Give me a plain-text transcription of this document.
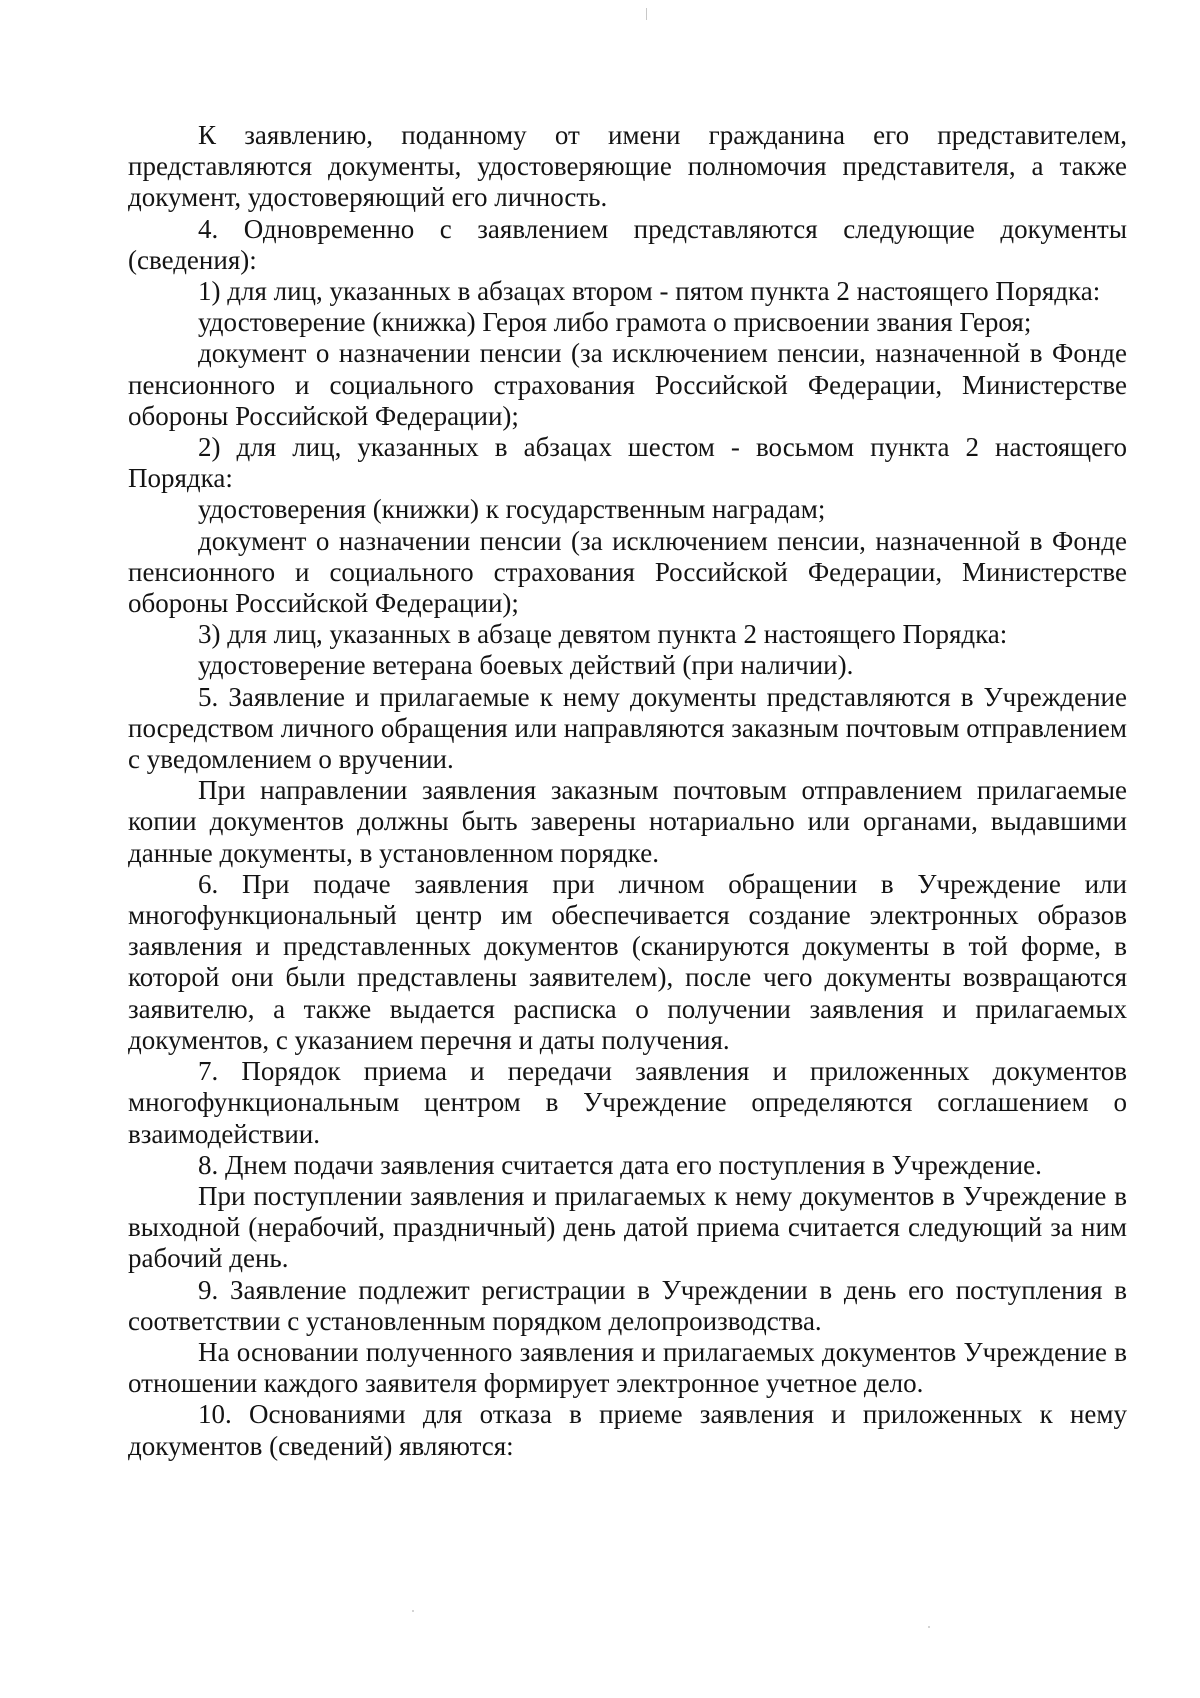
К заявлению, поданному от имени гражданина его представителем, представляются документы, удостоверяющие полномочия представителя, а также документ, удостоверяющий его личность.

4. Одновременно с заявлением представляются следующие документы (сведения):

1) для лиц, указанных в абзацах втором - пятом пункта 2 настоящего Порядка:

удостоверение (книжка) Героя либо грамота о присвоении звания Героя;

документ о назначении пенсии (за исключением пенсии, назначенной в Фонде пенсионного и социального страхования Российской Федерации, Министерстве обороны Российской Федерации);

2) для лиц, указанных в абзацах шестом - восьмом пункта 2 настоящего Порядка:

удостоверения (книжки) к государственным наградам;

документ о назначении пенсии (за исключением пенсии, назначенной в Фонде пенсионного и социального страхования Российской Федерации, Министерстве обороны Российской Федерации);

3) для лиц, указанных в абзаце девятом пункта 2 настоящего Порядка:

удостоверение ветерана боевых действий (при наличии).

5. Заявление и прилагаемые к нему документы представляются в Учреждение посредством личного обращения или направляются заказным почтовым отправлением с уведомлением о вручении.

При направлении заявления заказным почтовым отправлением прилагаемые копии документов должны быть заверены нотариально или органами, выдавшими данные документы, в установленном порядке.

6. При подаче заявления при личном обращении в Учреждение или многофункциональный центр им обеспечивается создание электронных образов заявления и представленных документов (сканируются документы в той форме, в которой они были представлены заявителем), после чего документы возвращаются заявителю, а также выдается расписка о получении заявления и прилагаемых документов, с указанием перечня и даты получения.

7. Порядок приема и передачи заявления и приложенных документов многофункциональным центром в Учреждение определяются соглашением о взаимодействии.

8. Днем подачи заявления считается дата его поступления в Учреждение.

При поступлении заявления и прилагаемых к нему документов в Учреждение в выходной (нерабочий, праздничный) день датой приема считается следующий за ним рабочий день.

9. Заявление подлежит регистрации в Учреждении в день его поступления в соответствии с установленным порядком делопроизводства.

На основании полученного заявления и прилагаемых документов Учреждение в отношении каждого заявителя формирует электронное учетное дело.

10. Основаниями для отказа в приеме заявления и приложенных к нему документов (сведений) являются:
